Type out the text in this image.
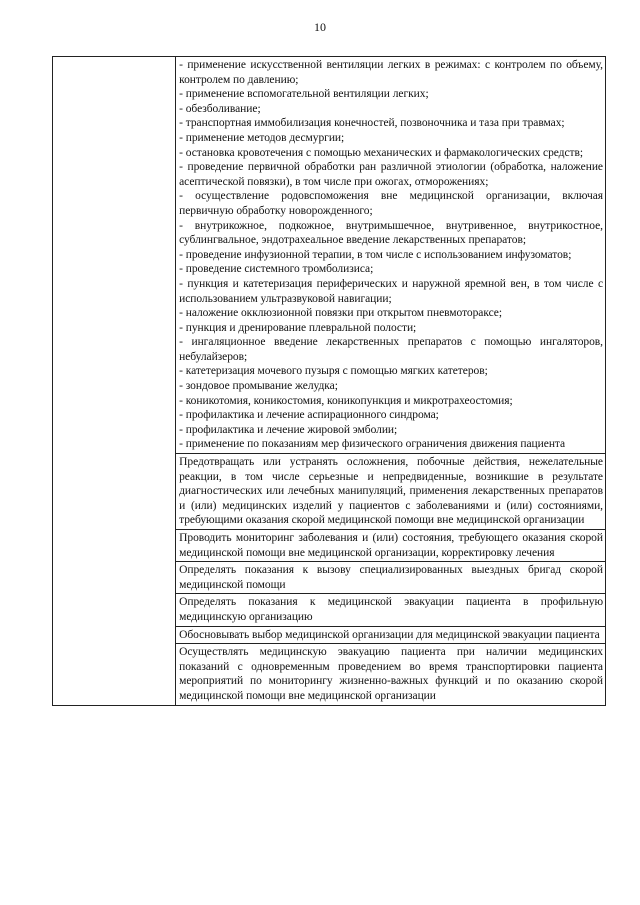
10

- применение искусственной вентиляции легких в режимах: с контролем по объему, контролем по давлению;

- применение вспомогательной вентиляции легких;

- обезболивание;

- транспортная иммобилизация конечностей, позвоночника и таза при травмах;

- применение методов десмургии;

- остановка кровотечения с помощью механических и фармакологических средств;

- проведение первичной обработки ран различной этиологии (обработка, наложение асептической повязки), в том числе при ожогах, отморожениях;

- осуществление родовспоможения вне медицинской организации, включая первичную обработку новорожденного;

- внутрикожное, подкожное, внутримышечное, внутривенное, внутрикостное, сублингвальное, эндотрахеальное введение лекарственных препаратов;

- проведение инфузионной терапии, в том числе с использованием инфузоматов;

- проведение системного тромболизиса;

- пункция и катетеризация периферических и наружной яремной вен, в том числе с использованием ультразвуковой навигации;

- наложение окклюзионной повязки при открытом пневмотораксе;

- пункция и дренирование плевральной полости;

- ингаляционное введение лекарственных препаратов с помощью ингаляторов, небулайзеров;

- катетеризация мочевого пузыря с помощью мягких катетеров;

- зондовое промывание желудка;

- коникотомия, коникостомия, коникопункция и микротрахеостомия;

- профилактика и лечение аспирационного синдрома;

- профилактика и лечение жировой эмболии;

- применение по показаниям мер физического ограничения движения пациента

Предотвращать или устранять осложнения, побочные действия, нежелательные реакции, в том числе серьезные и непредвиденные, возникшие в результате диагностических или лечебных манипуляций, применения лекарственных препаратов и (или) медицинских изделий у пациентов с заболеваниями и (или) состояниями, требующими оказания скорой медицинской помощи вне медицинской организации

Проводить мониторинг заболевания и (или) состояния, требующего оказания скорой медицинской помощи вне медицинской организации, корректировку лечения

Определять показания к вызову специализированных выездных бригад скорой медицинской помощи

Определять показания к медицинской эвакуации пациента в профильную медицинскую организацию

Обосновывать выбор медицинской организации для медицинской эвакуации пациента

Осуществлять медицинскую эвакуацию пациента при наличии медицинских показаний с одновременным проведением во время транспортировки пациента мероприятий по мониторингу жизненно-важных функций и по оказанию скорой медицинской помощи вне медицинской организации
